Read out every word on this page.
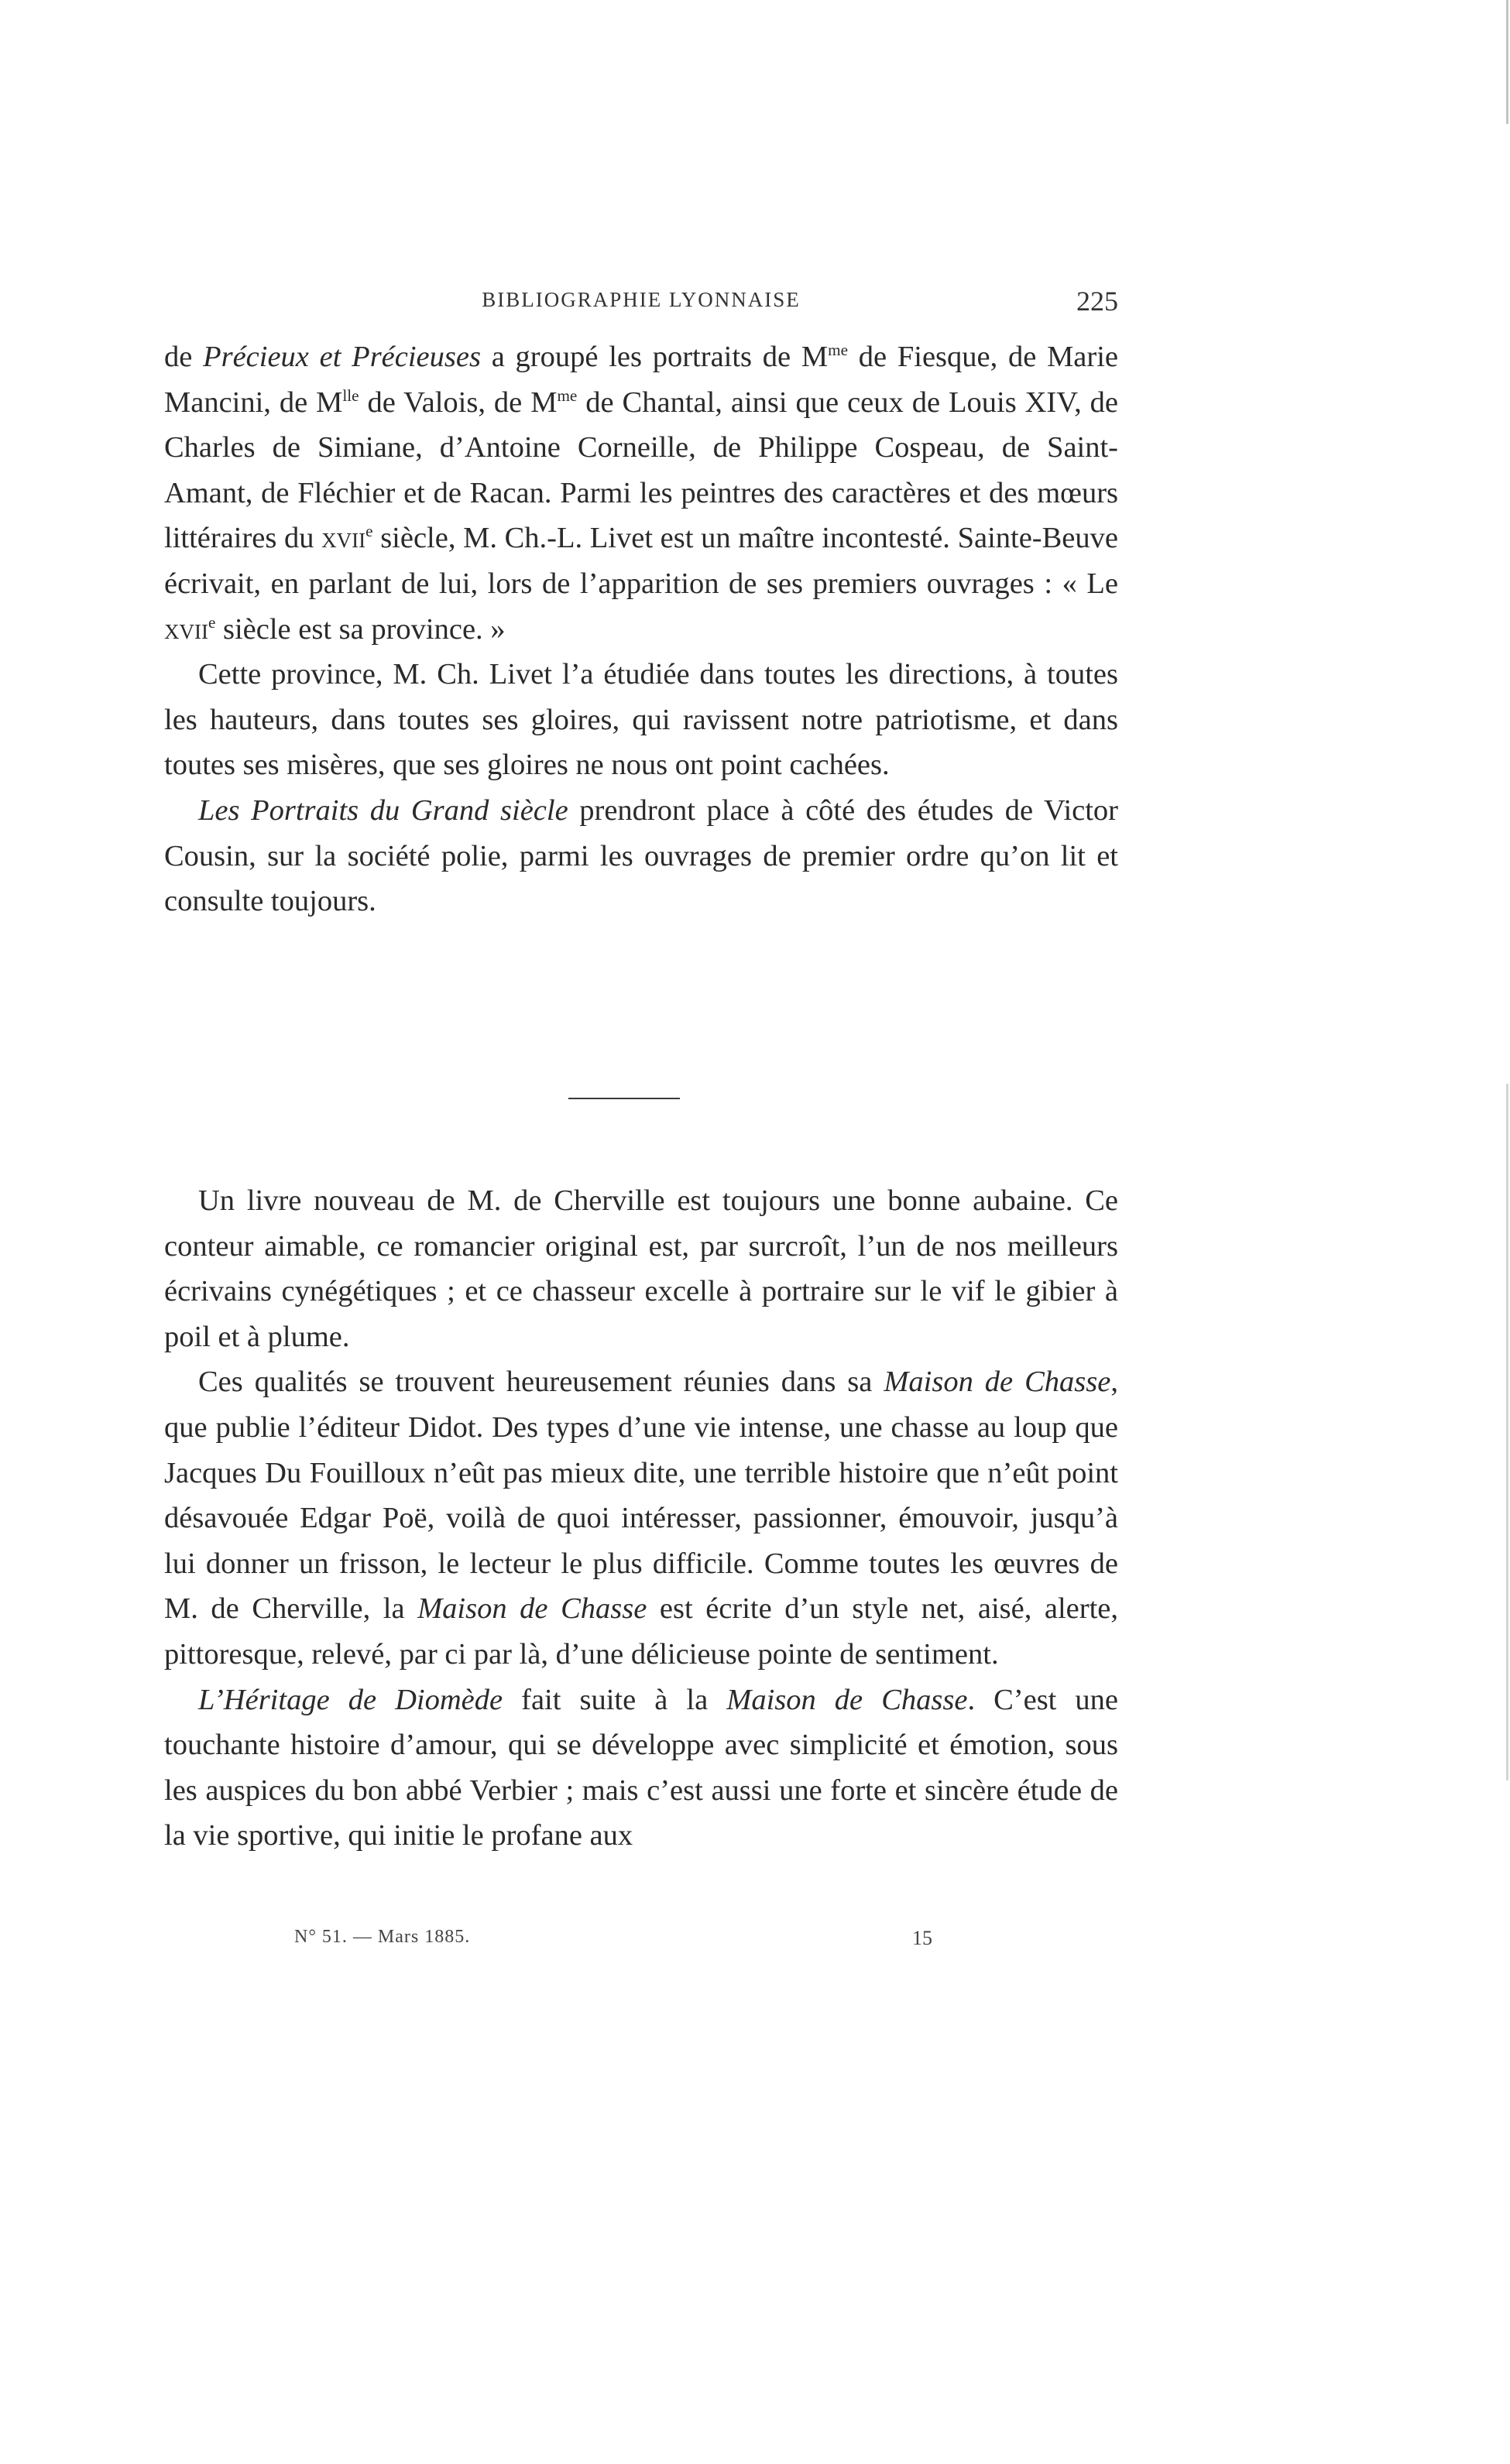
BIBLIOGRAPHIE LYONNAISE	225

de Précieux et Précieuses a groupé les portraits de $M^{me}$ de Fiesque, de Marie Mancini, de $M^{lle}$ de Valois, de $M^{me}$ de Chantal, ainsi que ceux de Louis XIV, de Charles de Simiane, d’Antoine Corneille, de Philippe Cospeau, de Saint-Amant, de Fléchier et de Racan. Parmi les peintres des caractères et des mœurs littéraires du xvii$^e$ siècle, M. Ch.-L. Livet est un maître incontesté. Sainte-Beuve écrivait, en parlant de lui, lors de l’apparition de ses premiers ouvrages : « Le xvii$^e$ siècle est sa province. »

Cette province, M. Ch. Livet l’a étudiée dans toutes les directions, à toutes les hauteurs, dans toutes ses gloires, qui ravissent notre patriotisme, et dans toutes ses misères, que ses gloires ne nous ont point cachées.

Les Portraits du Grand siècle prendront place à côté des études de Victor Cousin, sur la société polie, parmi les ouvrages de premier ordre qu’on lit et consulte toujours.

Un livre nouveau de M. de Cherville est toujours une bonne aubaine. Ce conteur aimable, ce romancier original est, par surcroît, l’un de nos meilleurs écrivains cynégétiques ; et ce chasseur excelle à portraire sur le vif le gibier à poil et à plume.

Ces qualités se trouvent heureusement réunies dans sa Maison de Chasse, que publie l’éditeur Didot. Des types d’une vie intense, une chasse au loup que Jacques Du Fouilloux n’eût pas mieux dite, une terrible histoire que n’eût point désavouée Edgar Poë, voilà de quoi intéresser, passionner, émouvoir, jusqu’à lui donner un frisson, le lecteur le plus difficile. Comme toutes les œuvres de M. de Cherville, la Maison de Chasse est écrite d’un style net, aisé, alerte, pittoresque, relevé, par ci par là, d’une délicieuse pointe de sentiment.

L’Héritage de Diomède fait suite à la Maison de Chasse. C’est une touchante histoire d’amour, qui se développe avec simplicité et émotion, sous les auspices du bon abbé Verbier ; mais c’est aussi une forte et sincère étude de la vie sportive, qui initie le profane aux

N° 51. — Mars 1885.	15
